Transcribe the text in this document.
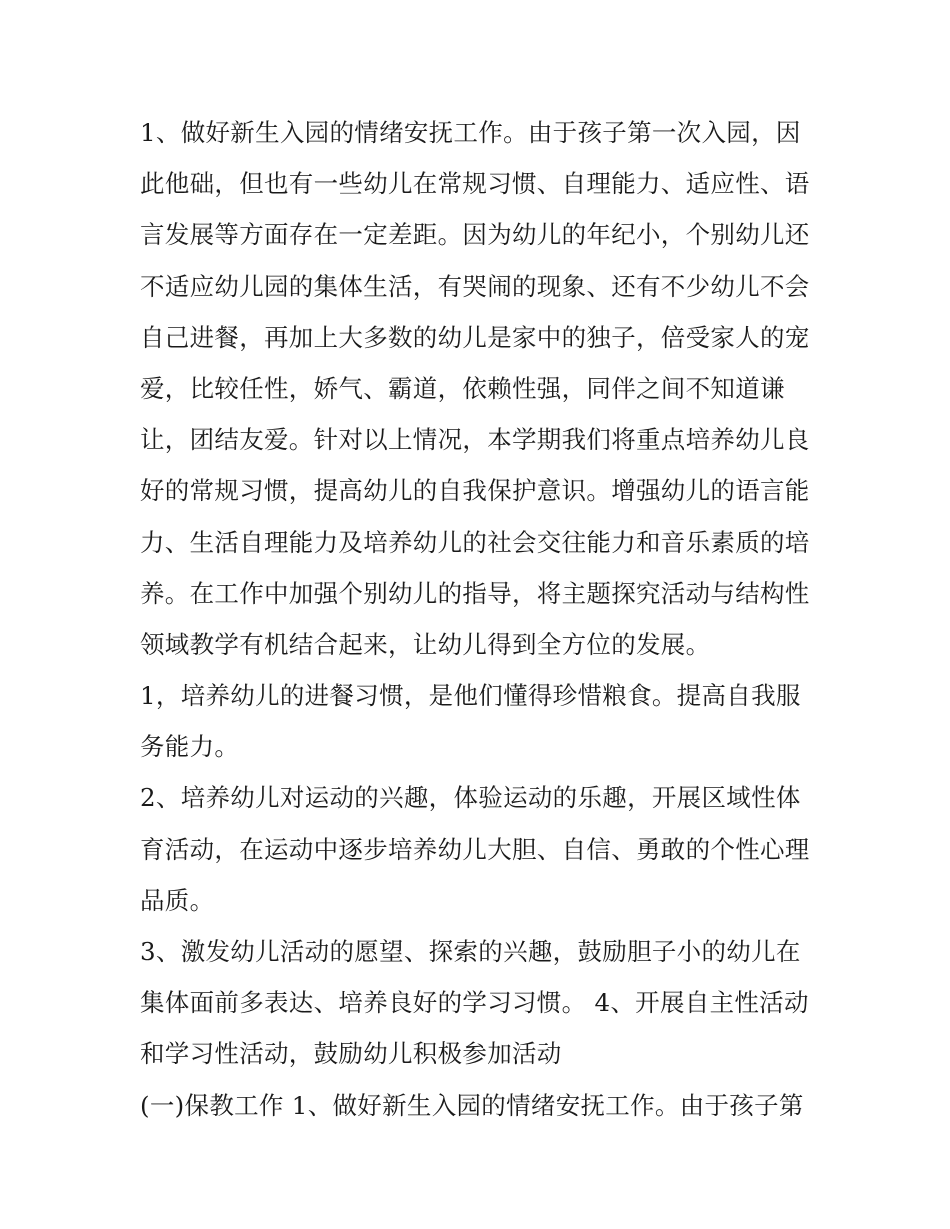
1、做好新生入园的情绪安抚工作。由于孩子第一次入园，因
此他础，但也有一些幼儿在常规习惯、自理能力、适应性、语
言发展等方面存在一定差距。因为幼儿的年纪小，个别幼儿还
不适应幼儿园的集体生活，有哭闹的现象、还有不少幼儿不会
自己进餐，再加上大多数的幼儿是家中的独子，倍受家人的宠
爱，比较任性，娇气、霸道，依赖性强，同伴之间不知道谦
让，团结友爱。针对以上情况，本学期我们将重点培养幼儿良
好的常规习惯，提高幼儿的自我保护意识。增强幼儿的语言能
力、生活自理能力及培养幼儿的社会交往能力和音乐素质的培
养。在工作中加强个别幼儿的指导，将主题探究活动与结构性
领域教学有机结合起来，让幼儿得到全方位的发展。
1，培养幼儿的进餐习惯，是他们懂得珍惜粮食。提高自我服
务能力。
2、培养幼儿对运动的兴趣，体验运动的乐趣，开展区域性体
育活动，在运动中逐步培养幼儿大胆、自信、勇敢的个性心理
品质。
3、激发幼儿活动的愿望、探索的兴趣，鼓励胆子小的幼儿在
集体面前多表达、培养良好的学习习惯。 4、开展自主性活动
和学习性活动，鼓励幼儿积极参加活动
(一)保教工作 1、做好新生入园的情绪安抚工作。由于孩子第
